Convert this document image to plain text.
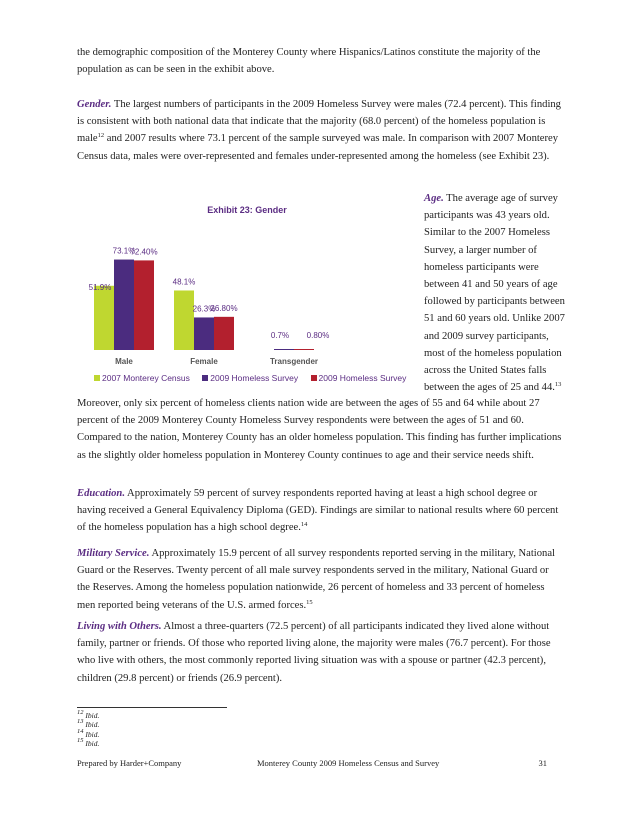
the demographic composition of the Monterey County where Hispanics/Latinos constitute the majority of the population as can be seen in the exhibit above.

Gender. The largest numbers of participants in the 2009 Homeless Survey were males (72.4 percent). This finding is consistent with both national data that indicate that the majority (68.0 percent) of the homeless population is male$^{12}$ and 2007 results where 73.1 percent of the sample surveyed was male. In comparison with 2007 Monterey Census data, males were over-represented and females under-represented among the homeless (see Exhibit 23).

Exhibit 23: Gender
51.9%
48.1%
73.1%
26.3%
0.7%
72.40%
26.80%
0.80%
Male	Female	Transgender
2007 Monterey Census 2009 Homeless Survey 2009 Homeless Survey

Age. The average age of survey participants was 43 years old. Similar to the 2007 Homeless Survey, a larger number of homeless participants were between 41 and 50 years of age followed by participants between 51 and 60 years old. Unlike 2007 and 2009 survey participants, most of the homeless population across the United States falls between the ages of 25 and 44.13

Moreover, only six percent of homeless clients nation wide are between the ages of 55 and 64 while about 27 percent of the 2009 Monterey County Homeless Survey respondents were between the ages of 51 and 60. Compared to the nation, Monterey County has an older homeless population. This finding has further implications as the slightly older homeless population in Monterey County continues to age and their service needs shift.

Education. Approximately 59 percent of survey respondents reported having at least a high school degree or having received a General Equivalency Diploma (GED). Findings are similar to national results where 60 percent of the homeless population has a high school degree.$^{14}$

Military Service. Approximately 15.9 percent of all survey respondents reported serving in the military, National Guard or the Reserves. Twenty percent of all male survey respondents served in the military, National Guard or the Reserves. Among the homeless population nationwide, 26 percent of homeless and 33 percent of homeless men reported being veterans of the U.S. armed forces.$^{15}$

Living with Others. Almost a three-quarters (72.5 percent) of all participants indicated they lived alone without family, partner or friends. Of those who reported living alone, the majority were males (76.7 percent). For those who live with others, the most commonly reported living situation was with a spouse or partner (42.3 percent), children (29.8 percent) or friends (26.9 percent).

$^{12}$ Ibid.
$^{13}$ Ibid.
$^{14}$ Ibid.
$^{15}$ Ibid.
Prepared by Harder+Company	Monterey County 2009 Homeless Census and Survey	31
